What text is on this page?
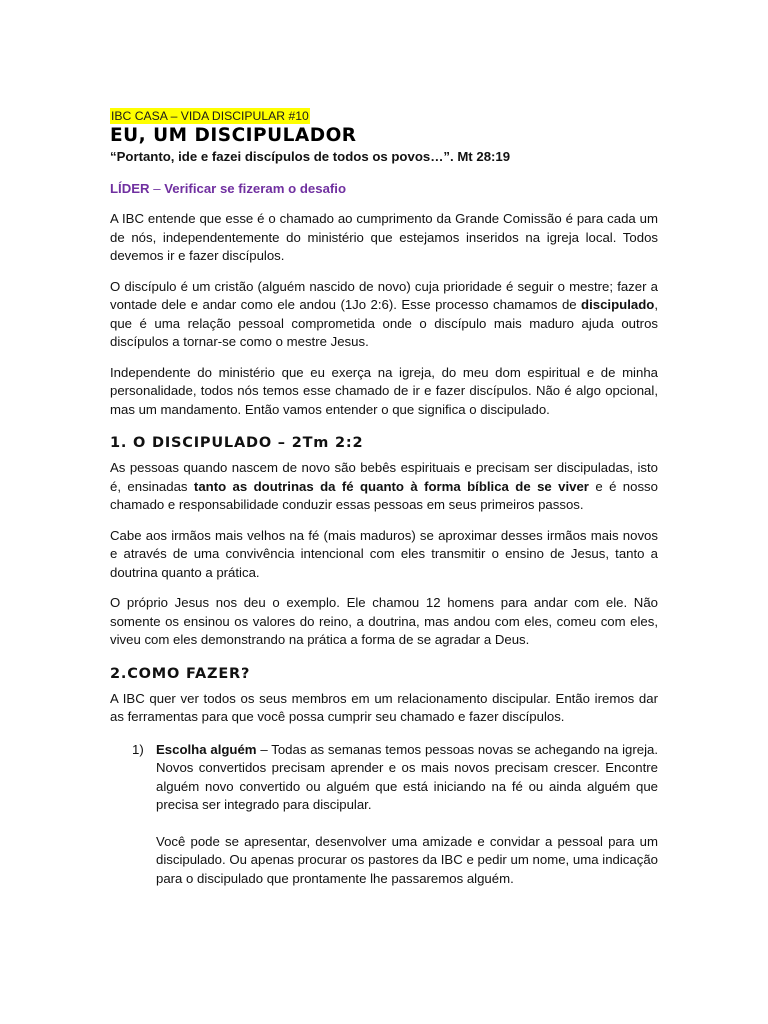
IBC CASA – VIDA DISCIPULAR #10
EU, UM DISCIPULADOR
“Portanto, ide e fazei discípulos de todos os povos…”. Mt 28:19
LÍDER – Verificar se fizeram o desafio

A IBC entende que esse é o chamado ao cumprimento da Grande Comissão é para cada um de nós, independentemente do ministério que estejamos inseridos na igreja local. Todos devemos ir e fazer discípulos.

O discípulo é um cristão (alguém nascido de novo) cuja prioridade é seguir o mestre; fazer a vontade dele e andar como ele andou (1Jo 2:6). Esse processo chamamos de discipulado, que é uma relação pessoal comprometida onde o discípulo mais maduro ajuda outros discípulos a tornar-se como o mestre Jesus.

Independente do ministério que eu exerça na igreja, do meu dom espiritual e de minha personalidade, todos nós temos esse chamado de ir e fazer discípulos. Não é algo opcional, mas um mandamento. Então vamos entender o que significa o discipulado.

1. O DISCIPULADO – 2Tm 2:2

As pessoas quando nascem de novo são bebês espirituais e precisam ser discipuladas, isto é, ensinadas tanto as doutrinas da fé quanto à forma bíblica de se viver e é nosso chamado e responsabilidade conduzir essas pessoas em seus primeiros passos.

Cabe aos irmãos mais velhos na fé (mais maduros) se aproximar desses irmãos mais novos e através de uma convivência intencional com eles transmitir o ensino de Jesus, tanto a doutrina quanto a prática.

O próprio Jesus nos deu o exemplo. Ele chamou 12 homens para andar com ele. Não somente os ensinou os valores do reino, a doutrina, mas andou com eles, comeu com eles, viveu com eles demonstrando na prática a forma de se agradar a Deus.

2.COMO FAZER?

A IBC quer ver todos os seus membros em um relacionamento discipular. Então iremos dar as ferramentas para que você possa cumprir seu chamado e fazer discípulos.

1) Escolha alguém – Todas as semanas temos pessoas novas se achegando na igreja. Novos convertidos precisam aprender e os mais novos precisam crescer. Encontre alguém novo convertido ou alguém que está iniciando na fé ou ainda alguém que precisa ser integrado para discipular.

Você pode se apresentar, desenvolver uma amizade e convidar a pessoal para um discipulado. Ou apenas procurar os pastores da IBC e pedir um nome, uma indicação para o discipulado que prontamente lhe passaremos alguém.
